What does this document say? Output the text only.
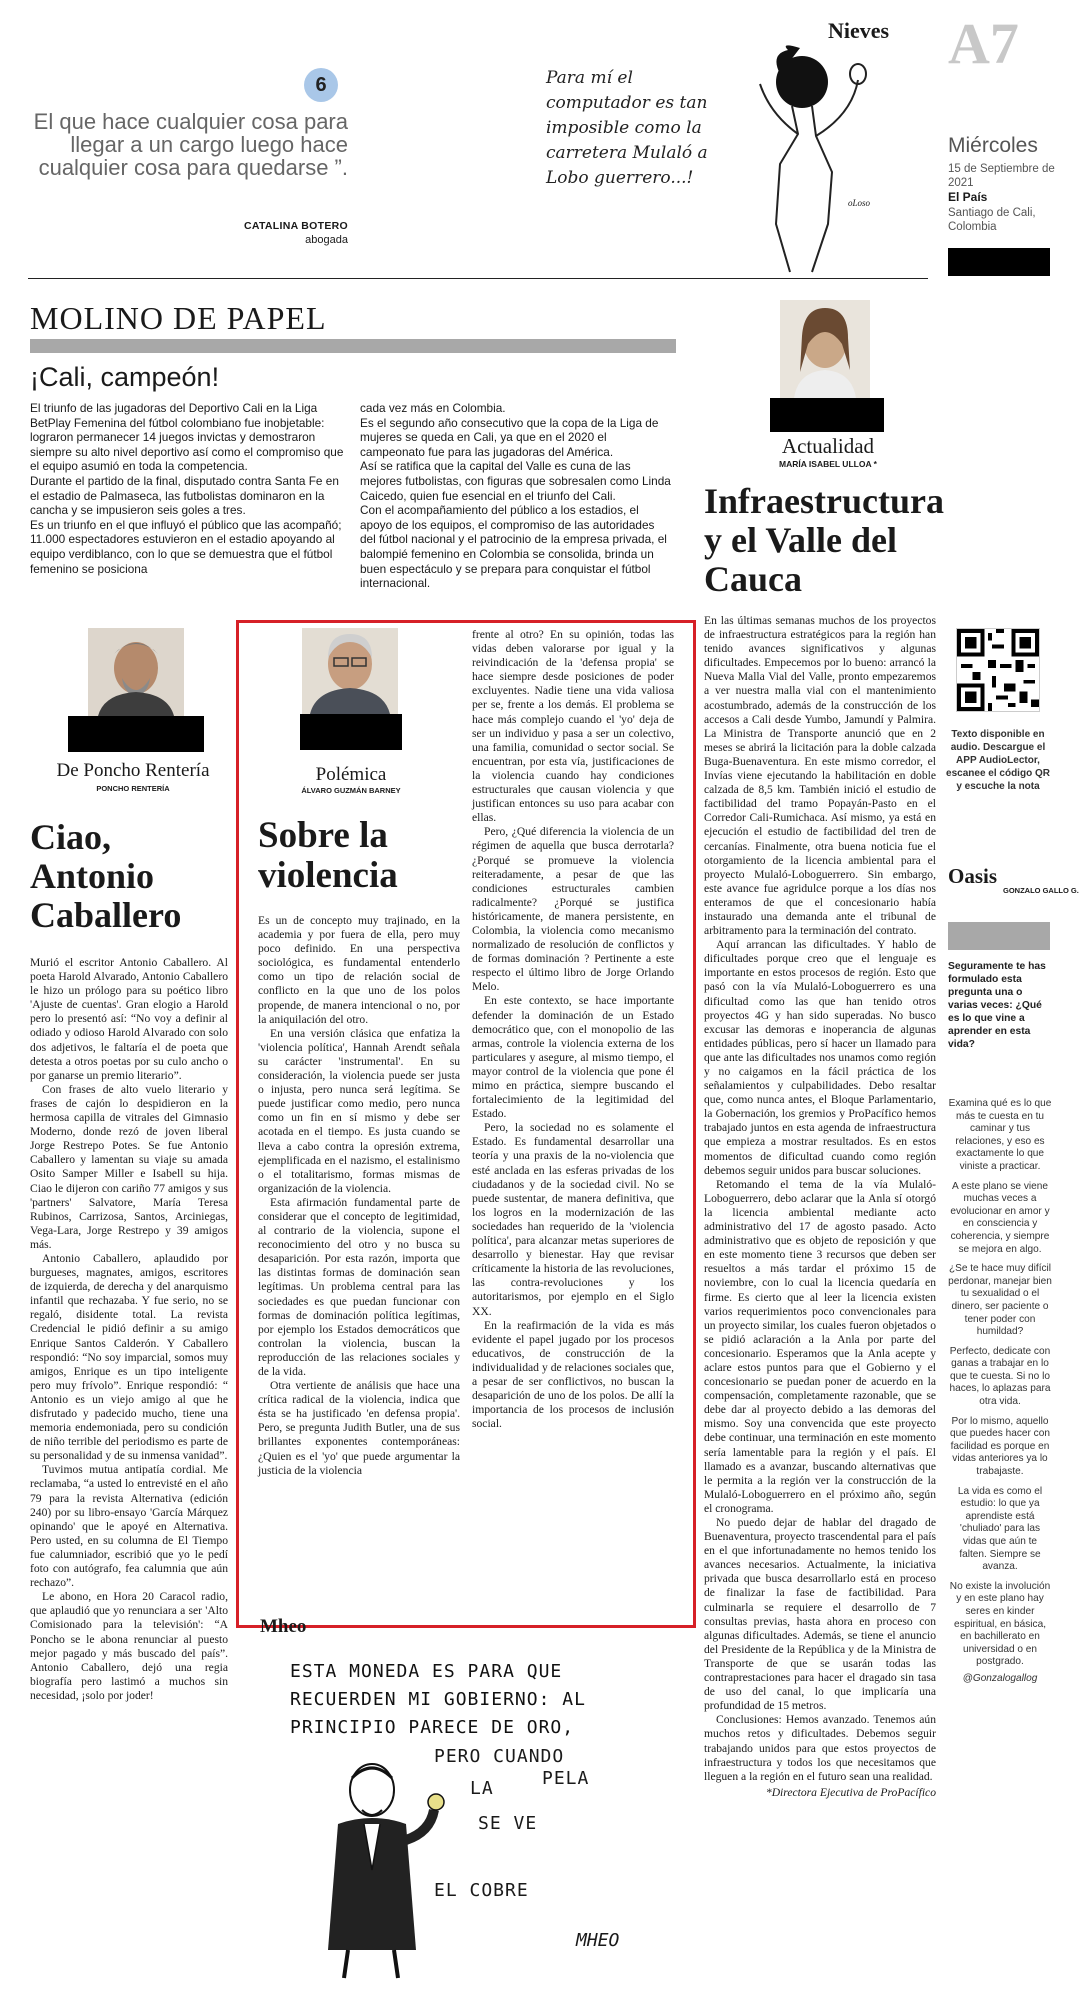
6
El que hace cualquier cosa para llegar a un cargo luego hace cualquier cosa para quedarse ”.
CATALINA BOTERO
abogada
Nieves
Para mí el computador es tan imposible como la carretera Mulaló a Lobo guerrero...!
oLoso
A7
Miércoles
15 de Septiembre de 2021
El País
Santiago de Cali, Colombia
MOLINO DE PAPEL
¡Cali, campeón!
El triunfo de las jugadoras del Deportivo Cali en la Liga BetPlay Femenina del fútbol colombiano fue inobjetable: lograron permanecer 14 juegos invictas y demostraron siempre su alto nivel deportivo así como el compromiso que el equipo asumió en toda la competencia.
Durante el partido de la final, disputado contra Santa Fe en el estadio de Palmaseca, las futbolistas dominaron en la cancha y se impusieron seis goles a tres.
Es un triunfo en el que influyó el público que las acompañó; 11.000 espectadores estuvieron en el estadio apoyando al equipo verdiblanco, con lo que se demuestra que el fútbol femenino se posiciona
cada vez más en Colombia.
Es el segundo año consecutivo que la copa de la Liga de mujeres se queda en Cali, ya que en el 2020 el campeonato fue para las jugadoras del América.
Así se ratifica que la capital del Valle es cuna de las mejores futbolistas, con figuras que sobresalen como Linda Caicedo, quien fue esencial en el triunfo del Cali.
Con el acompañamiento del público a los estadios, el apoyo de los equipos, el compromiso de las autoridades del fútbol nacional y el patrocinio de la empresa privada, el balompié femenino en Colombia se consolida, brinda un buen espectáculo y se prepara para conquistar el fútbol internacional.
Actualidad
MARÍA ISABEL ULLOA *
Infraestructura y el Valle del Cauca

En las últimas semanas muchos de los proyectos de infraestructura estratégicos para la región han tenido avances significativos y algunas dificultades. Empecemos por lo bueno: arrancó la Nueva Malla Vial del Valle, pronto empezaremos a ver nuestra malla vial con el mantenimiento acostumbrado, además de la construcción de los accesos a Cali desde Yumbo, Jamundí y Palmira. La Ministra de Transporte anunció que en 2 meses se abrirá la licitación para la doble calzada Buga-Buenaventura. En este mismo corredor, el Invías viene ejecutando la habilitación en doble calzada de 8,5 km. También inició el estudio de factibilidad del tramo Popayán-Pasto en el Corredor Cali-Rumichaca. Así mismo, ya está en ejecución el estudio de factibilidad del tren de cercanías. Finalmente, otra buena noticia fue el otorgamiento de la licencia ambiental para el proyecto Mulaló-Loboguerrero. Sin embargo, este avance fue agridulce porque a los días nos enteramos de que el concesionario había instaurado una demanda ante el tribunal de arbitramento para la terminación del contrato.

Aquí arrancan las dificultades. Y hablo de dificultades porque creo que el lenguaje es importante en estos procesos de región. Esto que pasó con la vía Mulaló-Loboguerrero es una dificultad como las que han tenido otros proyectos 4G y han sido superadas. No busco excusar las demoras e inoperancia de algunas entidades públicas, pero sí hacer un llamado para que ante las dificultades nos unamos como región y no caigamos en la fácil práctica de los señalamientos y culpabilidades. Debo resaltar que, como nunca antes, el Bloque Parlamentario, la Gobernación, los gremios y ProPacífico hemos trabajado juntos en esta agenda de infraestructura que empieza a mostrar resultados. Es en estos momentos de dificultad cuando como región debemos seguir unidos para buscar soluciones.

Retomando el tema de la vía Mulaló-Loboguerrero, debo aclarar que la Anla sí otorgó la licencia ambiental mediante acto administrativo del 17 de agosto pasado. Acto administrativo que es objeto de reposición y que en este momento tiene 3 recursos que deben ser resueltos a más tardar el próximo 15 de noviembre, con lo cual la licencia quedaría en firme. Es cierto que al leer la licencia existen varios requerimientos poco convencionales para un proyecto similar, los cuales fueron objetados o se pidió aclaración a la Anla por parte del concesionario. Esperamos que la Anla acepte y aclare estos puntos para que el Gobierno y el concesionario se puedan poner de acuerdo en la compensación, completamente razonable, que se debe dar al proyecto debido a las demoras del mismo. Soy una convencida que este proyecto debe continuar, una terminación en este momento sería lamentable para la región y el país. El llamado es a avanzar, buscando alternativas que le permita a la región ver la construcción de la Mulaló-Loboguerrero en el próximo año, según el cronograma.

No puedo dejar de hablar del dragado de Buenaventura, proyecto trascendental para el país en el que infortunadamente no hemos tenido los avances necesarios. Actualmente, la iniciativa privada que busca desarrollarlo está en proceso de finalizar la fase de factibilidad. Para culminarla se requiere el desarrollo de 7 consultas previas, hasta ahora en proceso con algunas dificultades. Además, se tiene el anuncio del Presidente de la República y de la Ministra de Transporte de que se usarán todas las contraprestaciones para hacer el dragado sin tasa de uso del canal, lo que implicaría una profundidad de 15 metros.

Conclusiones: Hemos avanzado. Tenemos aún muchos retos y dificultades. Debemos seguir trabajando unidos para que estos proyectos de infraestructura y todos los que necesitamos que lleguen a la región en el futuro sean una realidad.

*Directora Ejecutiva de ProPacífico
Texto disponible en audio. Descargue el APP AudioLector, escanee el código QR y escuche la nota
Oasis
GONZALO GALLO G.
Seguramente te has formulado esta pregunta una o varias veces: ¿Qué es lo que vine a aprender en esta vida?

Examina qué es lo que más te cuesta en tu caminar y tus relaciones, y eso es exactamente lo que viniste a practicar.

A este plano se viene muchas veces a evolucionar en amor y en consciencia y coherencia, y siempre se mejora en algo.

¿Se te hace muy difícil perdonar, manejar bien tu sexualidad o el dinero, ser paciente o tener poder con humildad?

Perfecto, dedicate con ganas a trabajar en lo que te cuesta. Si no lo haces, lo aplazas para otra vida.

Por lo mismo, aquello que puedes hacer con facilidad es porque en vidas anteriores ya lo trabajaste.

La vida es como el estudio: lo que ya aprendiste está 'chuliado' para las vidas que aún te falten. Siempre se avanza.

No existe la involución y en este plano hay seres en kinder espiritual, en básica, en bachillerato en universidad o en postgrado.

@Gonzalogallog

De Poncho Rentería
PONCHO RENTERÍA
Ciao, Antonio Caballero

Murió el escritor Antonio Caballero. Al poeta Harold Alvarado, Antonio Caballero le hizo un prólogo para su poético libro 'Ajuste de cuentas'. Gran elogio a Harold pero lo presentó así: “No voy a definir al odiado y odioso Harold Alvarado con solo dos adjetivos, le faltaría el de poeta que detesta a otros poetas por su culo ancho o por ganarse un premio literario”.

Con frases de alto vuelo literario y frases de cajón lo despidieron en la hermosa capilla de vitrales del Gimnasio Moderno, donde rezó de joven liberal Jorge Restrepo Potes. Se fue Antonio Caballero y lamentan su viaje su amada Osito Samper Miller e Isabell su hija. Ciao le dijeron con cariño 77 amigos y sus 'partners' Salvatore, María Teresa Rubinos, Carrizosa, Santos, Arciniegas, Vega-Lara, Jorge Restrepo y 39 amigos más.

Antonio Caballero, aplaudido por burgueses, magnates, amigos, escritores de izquierda, de derecha y del anarquismo infantil que rechazaba. Y fue serio, no se regaló, disidente total. La revista Credencial le pidió definir a su amigo Enrique Santos Calderón. Y Caballero respondió: “No soy imparcial, somos muy amigos, Enrique es un tipo inteligente pero muy frívolo”. Enrique respondió: “ Antonio es un viejo amigo al que he disfrutado y padecido mucho, tiene una memoria endemoniada, pero su condición de niño terrible del periodismo es parte de su personalidad y de su inmensa vanidad”.

Tuvimos mutua antipatía cordial. Me reclamaba, “a usted lo entrevisté en el año 79 para la revista Alternativa (edición 240) por su libro-ensayo 'García Márquez opinando' que le apoyé en Alternativa. Pero usted, en su columna de El Tiempo fue calumniador, escribió que yo le pedí foto con autógrafo, fea calumnia que aún rechazo”.

Le abono, en Hora 20 Caracol radio, que aplaudió que yo renunciara a ser 'Alto Comisionado para la televisión': “A Poncho se le abona renunciar al puesto mejor pagado y más buscado del país”. Antonio Caballero, dejó una regia biografía pero lastimó a muchos sin necesidad, ¡solo por joder!

Polémica
ÁLVARO GUZMÁN BARNEY
Sobre la violencia

Es un de concepto muy trajinado, en la academia y por fuera de ella, pero muy poco definido. En una perspectiva sociológica, es fundamental entenderlo como un tipo de relación social de conflicto en la que uno de los polos propende, de manera intencional o no, por la aniquilación del otro.

En una versión clásica que enfatiza la 'violencia política', Hannah Arendt señala su carácter 'instrumental'. En su consideración, la violencia puede ser justa o injusta, pero nunca será legítima. Se puede justificar como medio, pero nunca como un fin en sí mismo y debe ser acotada en el tiempo. Es justa cuando se lleva a cabo contra la opresión extrema, ejemplificada en el nazismo, el estalinismo o el totalitarismo, formas mismas de organización de la violencia.

Esta afirmación fundamental parte de considerar que el concepto de legitimidad, al contrario de la violencia, supone el reconocimiento del otro y no busca su desaparición. Por esta razón, importa que las distintas formas de dominación sean legítimas. Un problema central para las sociedades es que puedan funcionar con formas de dominación política legítimas, por ejemplo los Estados democráticos que controlan la violencia, buscan la reproducción de las relaciones sociales y de la vida.

Otra vertiente de análisis que hace una crítica radical de la violencia, indica que ésta se ha justificado 'en defensa propia'. Pero, se pregunta Judith Butler, una de sus brillantes exponentes contemporáneas: ¿Quien es el 'yo' que puede argumentar la justicia de la violencia

frente al otro? En su opinión, todas las vidas deben valorarse por igual y la reivindicación de la 'defensa propia' se hace siempre desde posiciones de poder excluyentes. Nadie tiene una vida valiosa per se, frente a los demás. El problema se hace más complejo cuando el 'yo' deja de ser un individuo y pasa a ser un colectivo, una familia, comunidad o sector social. Se encuentran, por esta vía, justificaciones de la violencia cuando hay condiciones estructurales que causan violencia y que justifican entonces su uso para acabar con ellas.

Pero, ¿Qué diferencia la violencia de un régimen de aquella que busca derrotarla? ¿Porqué se promueve la violencia reiteradamente, a pesar de que las condiciones estructurales cambien radicalmente? ¿Porqué se justifica históricamente, de manera persistente, en Colombia, la violencia como mecanismo normalizado de resolución de conflictos y de formas dominación ? Pertinente a este respecto el último libro de Jorge Orlando Melo.

En este contexto, se hace importante defender la dominación de un Estado democrático que, con el monopolio de las armas, controle la violencia externa de los particulares y asegure, al mismo tiempo, el mayor control de la violencia que pone él mimo en práctica, siempre buscando el fortalecimiento de la legitimidad del Estado.

Pero, la sociedad no es solamente el Estado. Es fundamental desarrollar una teoría y una praxis de la no-violencia que esté anclada en las esferas privadas de los ciudadanos y de la sociedad civil. No se puede sustentar, de manera definitiva, que los logros en la modernización de las sociedades han requerido de la 'violencia política', para alcanzar metas superiores de desarrollo y bienestar. Hay que revisar críticamente la historia de las revoluciones, las contra-revoluciones y los autoritarismos, por ejemplo en el Siglo XX.

En la reafirmación de la vida es más evidente el papel jugado por los procesos educativos, de construcción de la individualidad y de relaciones sociales que, a pesar de ser conflictivos, no buscan la desaparición de uno de los polos. De allí la importancia de los procesos de inclusión social.

Mheo
ESTA MONEDA ES PARA QUE RECUERDEN MI GOBIERNO: AL PRINCIPIO PARECE DE ORO,
PERO CUANDO
LA	PELA
SE VE
EL COBRE
MHEO
